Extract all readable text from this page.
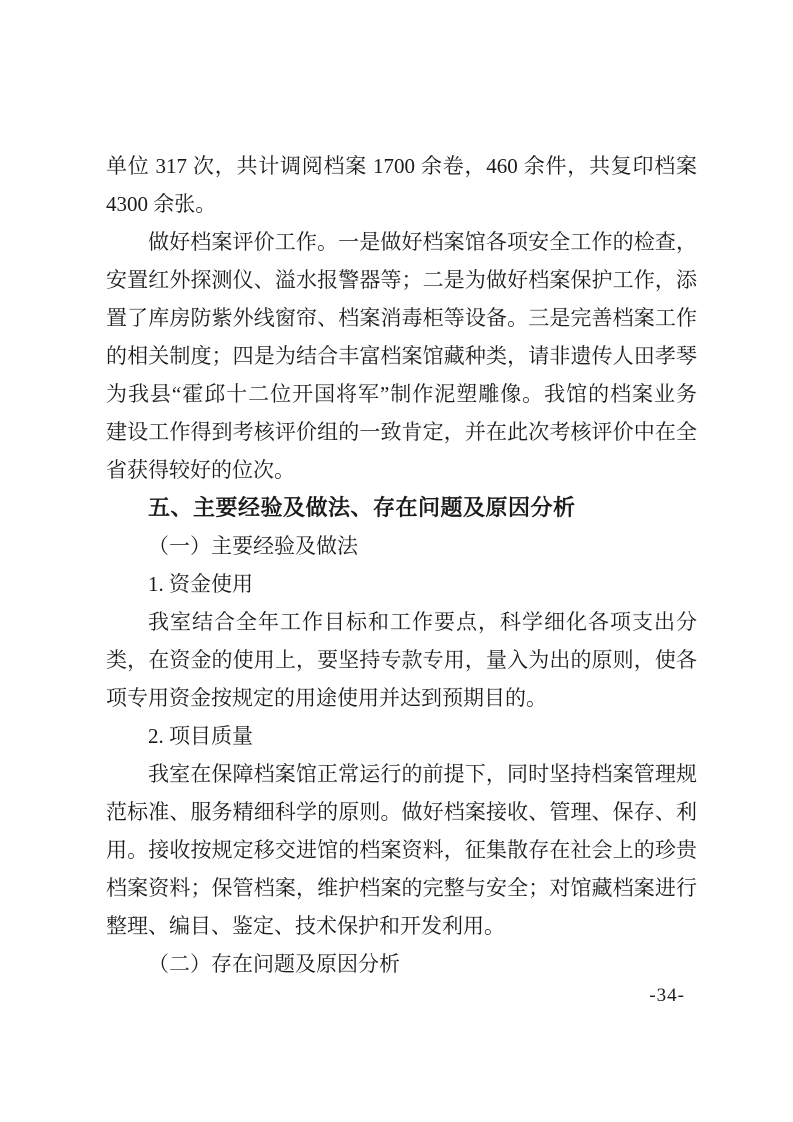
单位 317 次，共计调阅档案 1700 余卷，460 余件，共复印档案
4300 余张。
做好档案评价工作。一是做好档案馆各项安全工作的检查，
安置红外探测仪、溢水报警器等；二是为做好档案保护工作，添
置了库房防紫外线窗帘、档案消毒柜等设备。三是完善档案工作
的相关制度；四是为结合丰富档案馆藏种类，请非遗传人田孝琴
为我县“霍邱十二位开国将军”制作泥塑雕像。我馆的档案业务
建设工作得到考核评价组的一致肯定，并在此次考核评价中在全
省获得较好的位次。
五、主要经验及做法、存在问题及原因分析
（一）主要经验及做法
1. 资金使用
我室结合全年工作目标和工作要点，科学细化各项支出分
类，在资金的使用上，要坚持专款专用，量入为出的原则，使各
项专用资金按规定的用途使用并达到预期目的。
2. 项目质量
我室在保障档案馆正常运行的前提下，同时坚持档案管理规
范标准、服务精细科学的原则。做好档案接收、管理、保存、利
用。接收按规定移交进馆的档案资料，征集散存在社会上的珍贵
档案资料；保管档案，维护档案的完整与安全；对馆藏档案进行
整理、编目、鉴定、技术保护和开发利用。
（二）存在问题及原因分析
-34-
